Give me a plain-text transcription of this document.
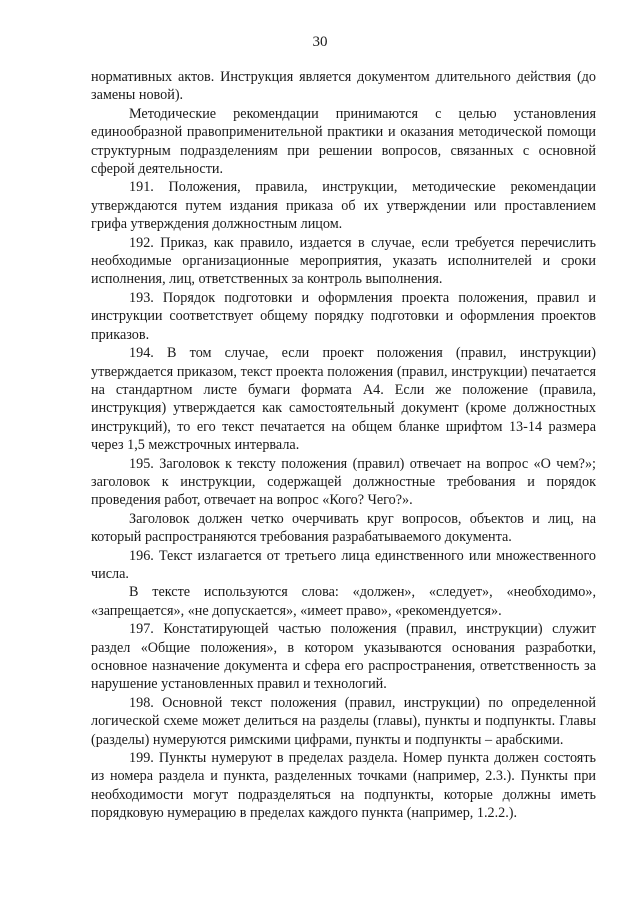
30

нормативных актов. Инструкция является документом длительного действия (до замены новой).

Методические рекомендации принимаются с целью установления единообразной правоприменительной практики и оказания методической помощи структурным подразделениям при решении вопросов, связанных с основной сферой деятельности.

191. Положения, правила, инструкции, методические рекомендации утверждаются путем издания приказа об их утверждении или проставлением грифа утверждения должностным лицом.

192. Приказ, как правило, издается в случае, если требуется перечислить необходимые организационные мероприятия, указать исполнителей и сроки исполнения, лиц, ответственных за контроль выполнения.

193. Порядок подготовки и оформления проекта положения, правил и инструкции соответствует общему порядку подготовки и оформления проектов приказов.

194. В том случае, если проект положения (правил, инструкции) утверждается приказом, текст проекта положения (правил, инструкции) печатается на стандартном листе бумаги формата А4. Если же положение (правила, инструкция) утверждается как самостоятельный документ (кроме должностных инструкций), то его текст печатается на общем бланке шрифтом 13-14 размера через 1,5 межстрочных интервала.

195. Заголовок к тексту положения (правил) отвечает на вопрос «О чем?»; заголовок к инструкции, содержащей должностные требования и порядок проведения работ, отвечает на вопрос «Кого? Чего?».

Заголовок должен четко очерчивать круг вопросов, объектов и лиц, на который распространяются требования разрабатываемого документа.

196. Текст излагается от третьего лица единственного или множественного числа.

В тексте используются слова: «должен», «следует», «необходимо», «запрещается», «не допускается», «имеет право», «рекомендуется».

197. Констатирующей частью положения (правил, инструкции) служит раздел «Общие положения», в котором указываются основания разработки, основное назначение документа и сфера его распространения, ответственность за нарушение установленных правил и технологий.

198. Основной текст положения (правил, инструкции) по определенной логической схеме может делиться на разделы (главы), пункты и подпункты. Главы (разделы) нумеруются римскими цифрами, пункты и подпункты – арабскими.

199. Пункты нумеруют в пределах раздела. Номер пункта должен состоять из номера раздела и пункта, разделенных точками (например, 2.3.). Пункты при необходимости могут подразделяться на подпункты, которые должны иметь порядковую нумерацию в пределах каждого пункта (например, 1.2.2.).
